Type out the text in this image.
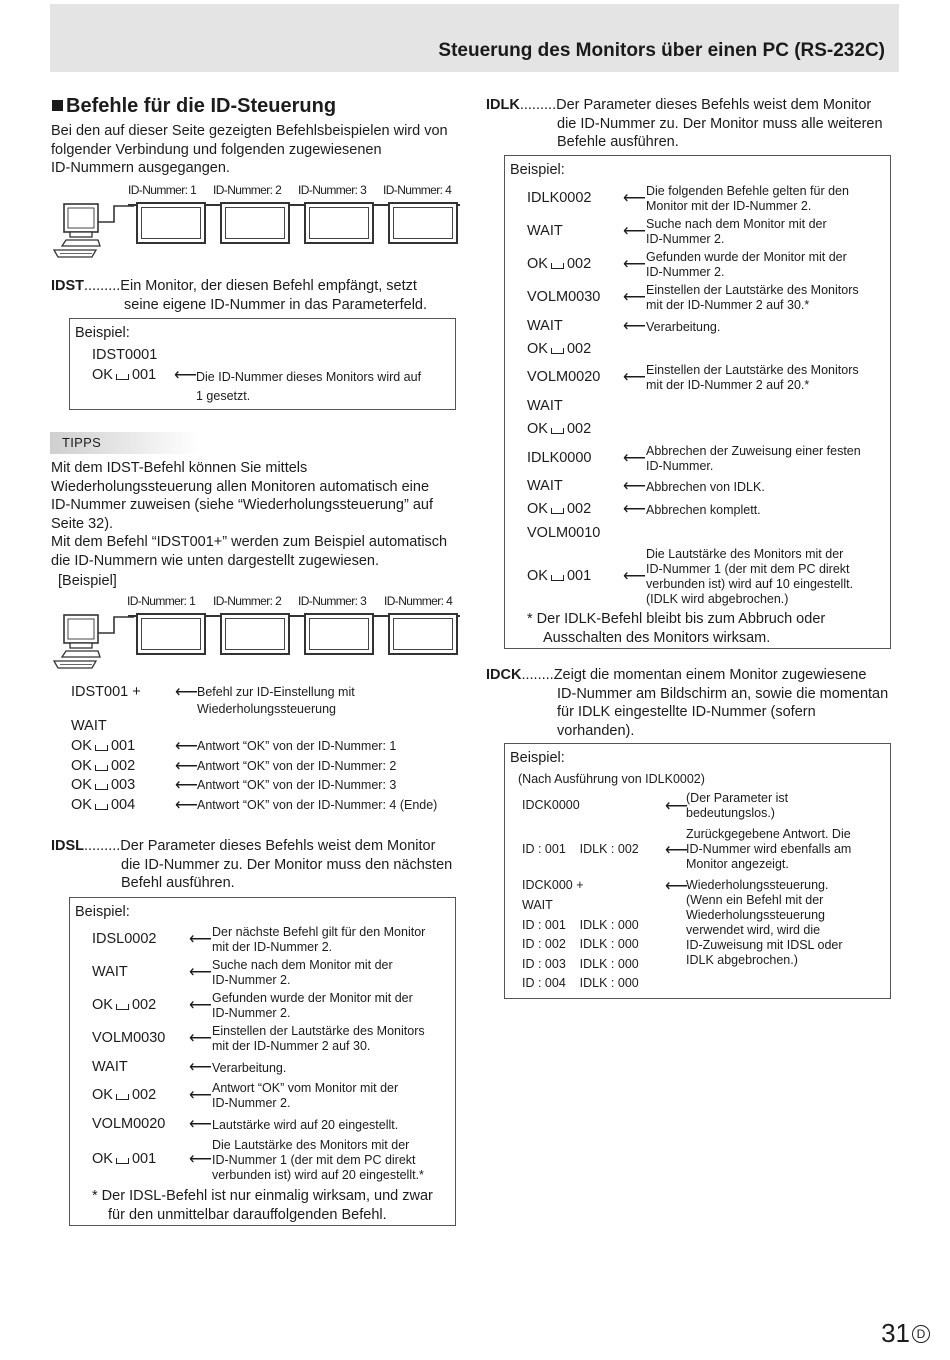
Steuerung des Monitors über einen PC (RS-232C)
Befehle für die ID-Steuerung
Bei den auf dieser Seite gezeigten Befehlsbeispielen wird von
folgender Verbindung und folgenden zugewiesenen
ID-Nummern ausgegangen.
ID-Nummer: 1 ID-Nummer: 2 ID-Nummer: 3 ID-Nummer: 4
IDST.........Ein Monitor, der diesen Befehl empfängt, setzt
seine eigene ID-Nummer in das Parameterfeld.
Beispiel:
IDST0001
OK 001 ⟵ Die ID-Nummer dieses Monitors wird auf
1 gesetzt.
TIPPS
Mit dem IDST-Befehl können Sie mittels
Wiederholungssteuerung allen Monitoren automatisch eine
ID-Nummer zuweisen (siehe “Wiederholungssteuerung” auf
Seite 32).
Mit dem Befehl “IDST001+” werden zum Beispiel automatisch
die ID-Nummern wie unten dargestellt zugewiesen.
[Beispiel]
ID-Nummer: 1 ID-Nummer: 2 ID-Nummer: 3 ID-Nummer: 4
IDST001 + ⟵ Befehl zur ID-Einstellung mit
Wiederholungssteuerung
WAIT
OK 001 ⟵ Antwort “OK” von der ID-Nummer: 1
OK 002 ⟵ Antwort “OK” von der ID-Nummer: 2
OK 003 ⟵ Antwort “OK” von der ID-Nummer: 3
OK 004 ⟵ Antwort “OK” von der ID-Nummer: 4 (Ende)
IDSL.........Der Parameter dieses Befehls weist dem Monitor
die ID-Nummer zu. Der Monitor muss den nächsten
Befehl ausführen.
Beispiel:
* Der IDSL-Befehl ist nur einmalig wirksam, und zwar
für den unmittelbar darauffolgenden Befehl.
IDSL0002 ⟵ Der nächste Befehl gilt für den Monitor
mit der ID-Nummer 2.
WAIT	⟵ Suche nach dem Monitor mit der
ID-Nummer 2.
OK 002 ⟵ Gefunden wurde der Monitor mit der
ID-Nummer 2.
VOLM0030 ⟵ Einstellen der Lautstärke des Monitors
mit der ID-Nummer 2 auf 30.
WAIT	⟵ Verarbeitung.
OK 002 ⟵ Antwort “OK” vom Monitor mit der
ID-Nummer 2.
VOLM0020 ⟵ Lautstärke wird auf 20 eingestellt.
OK 001 ⟵
Die Lautstärke des Monitors mit der
ID-Nummer 1 (der mit dem PC direkt
verbunden ist) wird auf 20 eingestellt.*
IDLK.........Der Parameter dieses Befehls weist dem Monitor
die ID-Nummer zu. Der Monitor muss alle weiteren
Befehle ausführen.
Beispiel:
* Der IDLK-Befehl bleibt bis zum Abbruch oder
Ausschalten des Monitors wirksam.
IDLK0002 ⟵ Die folgenden Befehle gelten für den
Monitor mit der ID-Nummer 2.
WAIT	⟵ Suche nach dem Monitor mit der
ID-Nummer 2.
OK 002 ⟵ Gefunden wurde der Monitor mit der
ID-Nummer 2.
VOLM0030 ⟵ Einstellen der Lautstärke des Monitors
mit der ID-Nummer 2 auf 30.*
WAIT	⟵ Verarbeitung.
OK 002
VOLM0020 ⟵ Einstellen der Lautstärke des Monitors
mit der ID-Nummer 2 auf 20.*
WAIT
OK 002
IDLK0000 ⟵ Abbrechen der Zuweisung einer festen
ID-Nummer.
WAIT	⟵ Abbrechen von IDLK.
OK 002 ⟵ Abbrechen komplett.
VOLM0010
OK 001 ⟵
Die Lautstärke des Monitors mit der
ID-Nummer 1 (der mit dem PC direkt
verbunden ist) wird auf 10 eingestellt.
(IDLK wird abgebrochen.)
IDCK........Zeigt die momentan einem Monitor zugewiesene
ID-Nummer am Bildschirm an, sowie die momentan
für IDLK eingestellte ID-Nummer (sofern
vorhanden).
Beispiel:
(Nach Ausführung von IDLK0002)
IDCK0000	⟵
(Der Parameter ist
bedeutungslos.)
ID : 001    IDLK : 002 ⟵
Zurückgegebene Antwort. Die
ID-Nummer wird ebenfalls am
Monitor angezeigt.
IDCK000 +	⟵
Wiederholungssteuerung.
(Wenn ein Befehl mit der
Wiederholungssteuerung
verwendet wird, wird die
ID-Zuweisung mit IDSL oder
IDLK abgebrochen.)
WAIT
ID : 001    IDLK : 000
ID : 002    IDLK : 000
ID : 003    IDLK : 000
ID : 004    IDLK : 000
31 D
